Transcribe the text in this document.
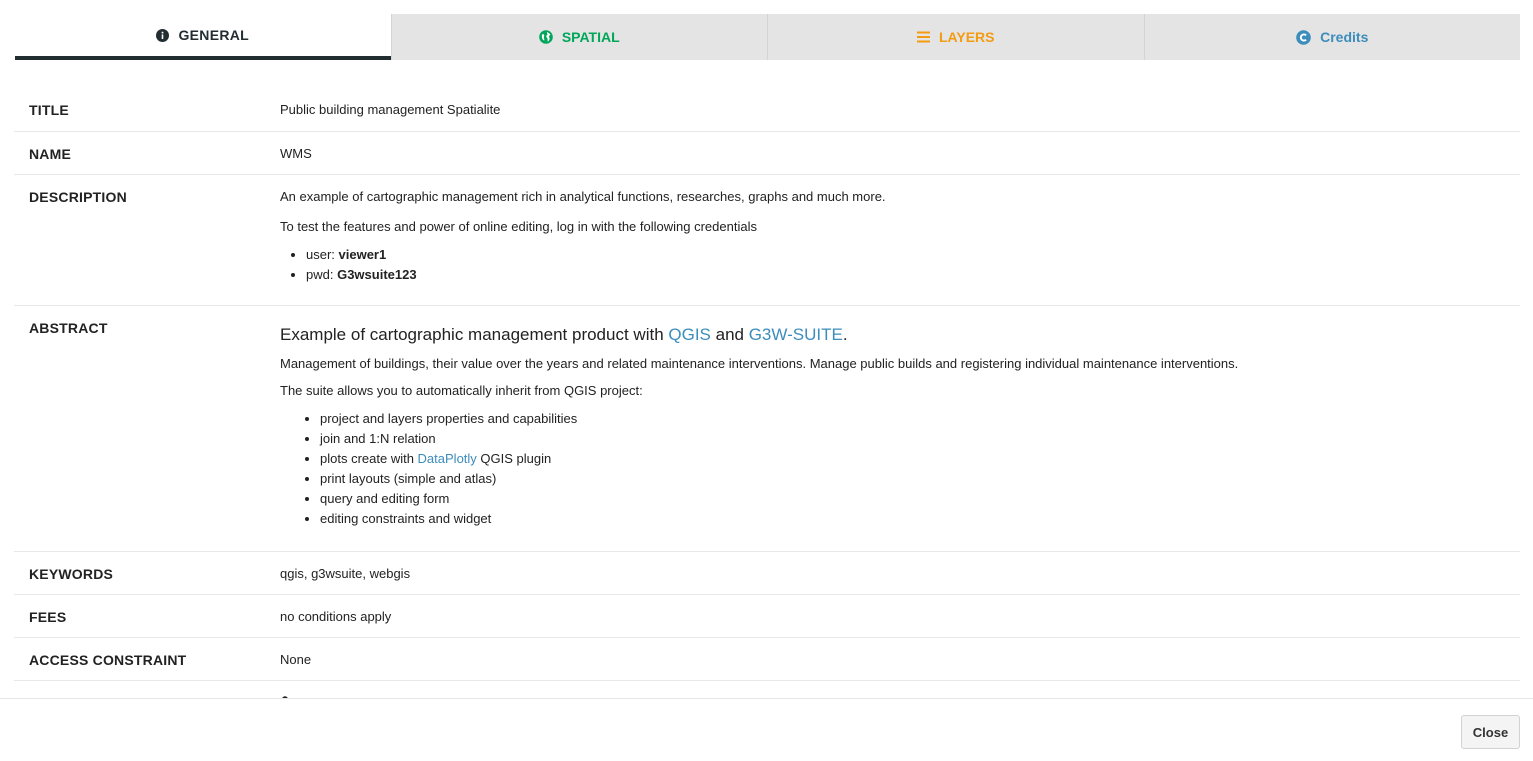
GENERAL	SPATIAL	LAYERS	Credits
TITLE	Public building management Spatialite
NAME	WMS
DESCRIPTION	An example of cartographic management rich in analytical functions, researches, graphs and much more.

To test the features and power of online editing, log in with the following credentials

• user: viewer1
• pwd: G3wsuite123
ABSTRACT	Example of cartographic management product with QGIS and G3W-SUITE.

Management of buildings, their value over the years and related maintenance interventions. Manage public builds and registering individual maintenance interventions.

The suite allows you to automatically inherit from QGIS project:

• project and layers properties and capabilities
• join and 1:N relation
• plots create with DataPlotly QGIS plugin
• print layouts (simple and atlas)
• query and editing form
• editing constraints and widget
KEYWORDS	qgis, g3wsuite, webgis
FEES	no conditions apply
ACCESS CONSTRAINT	None
Close
